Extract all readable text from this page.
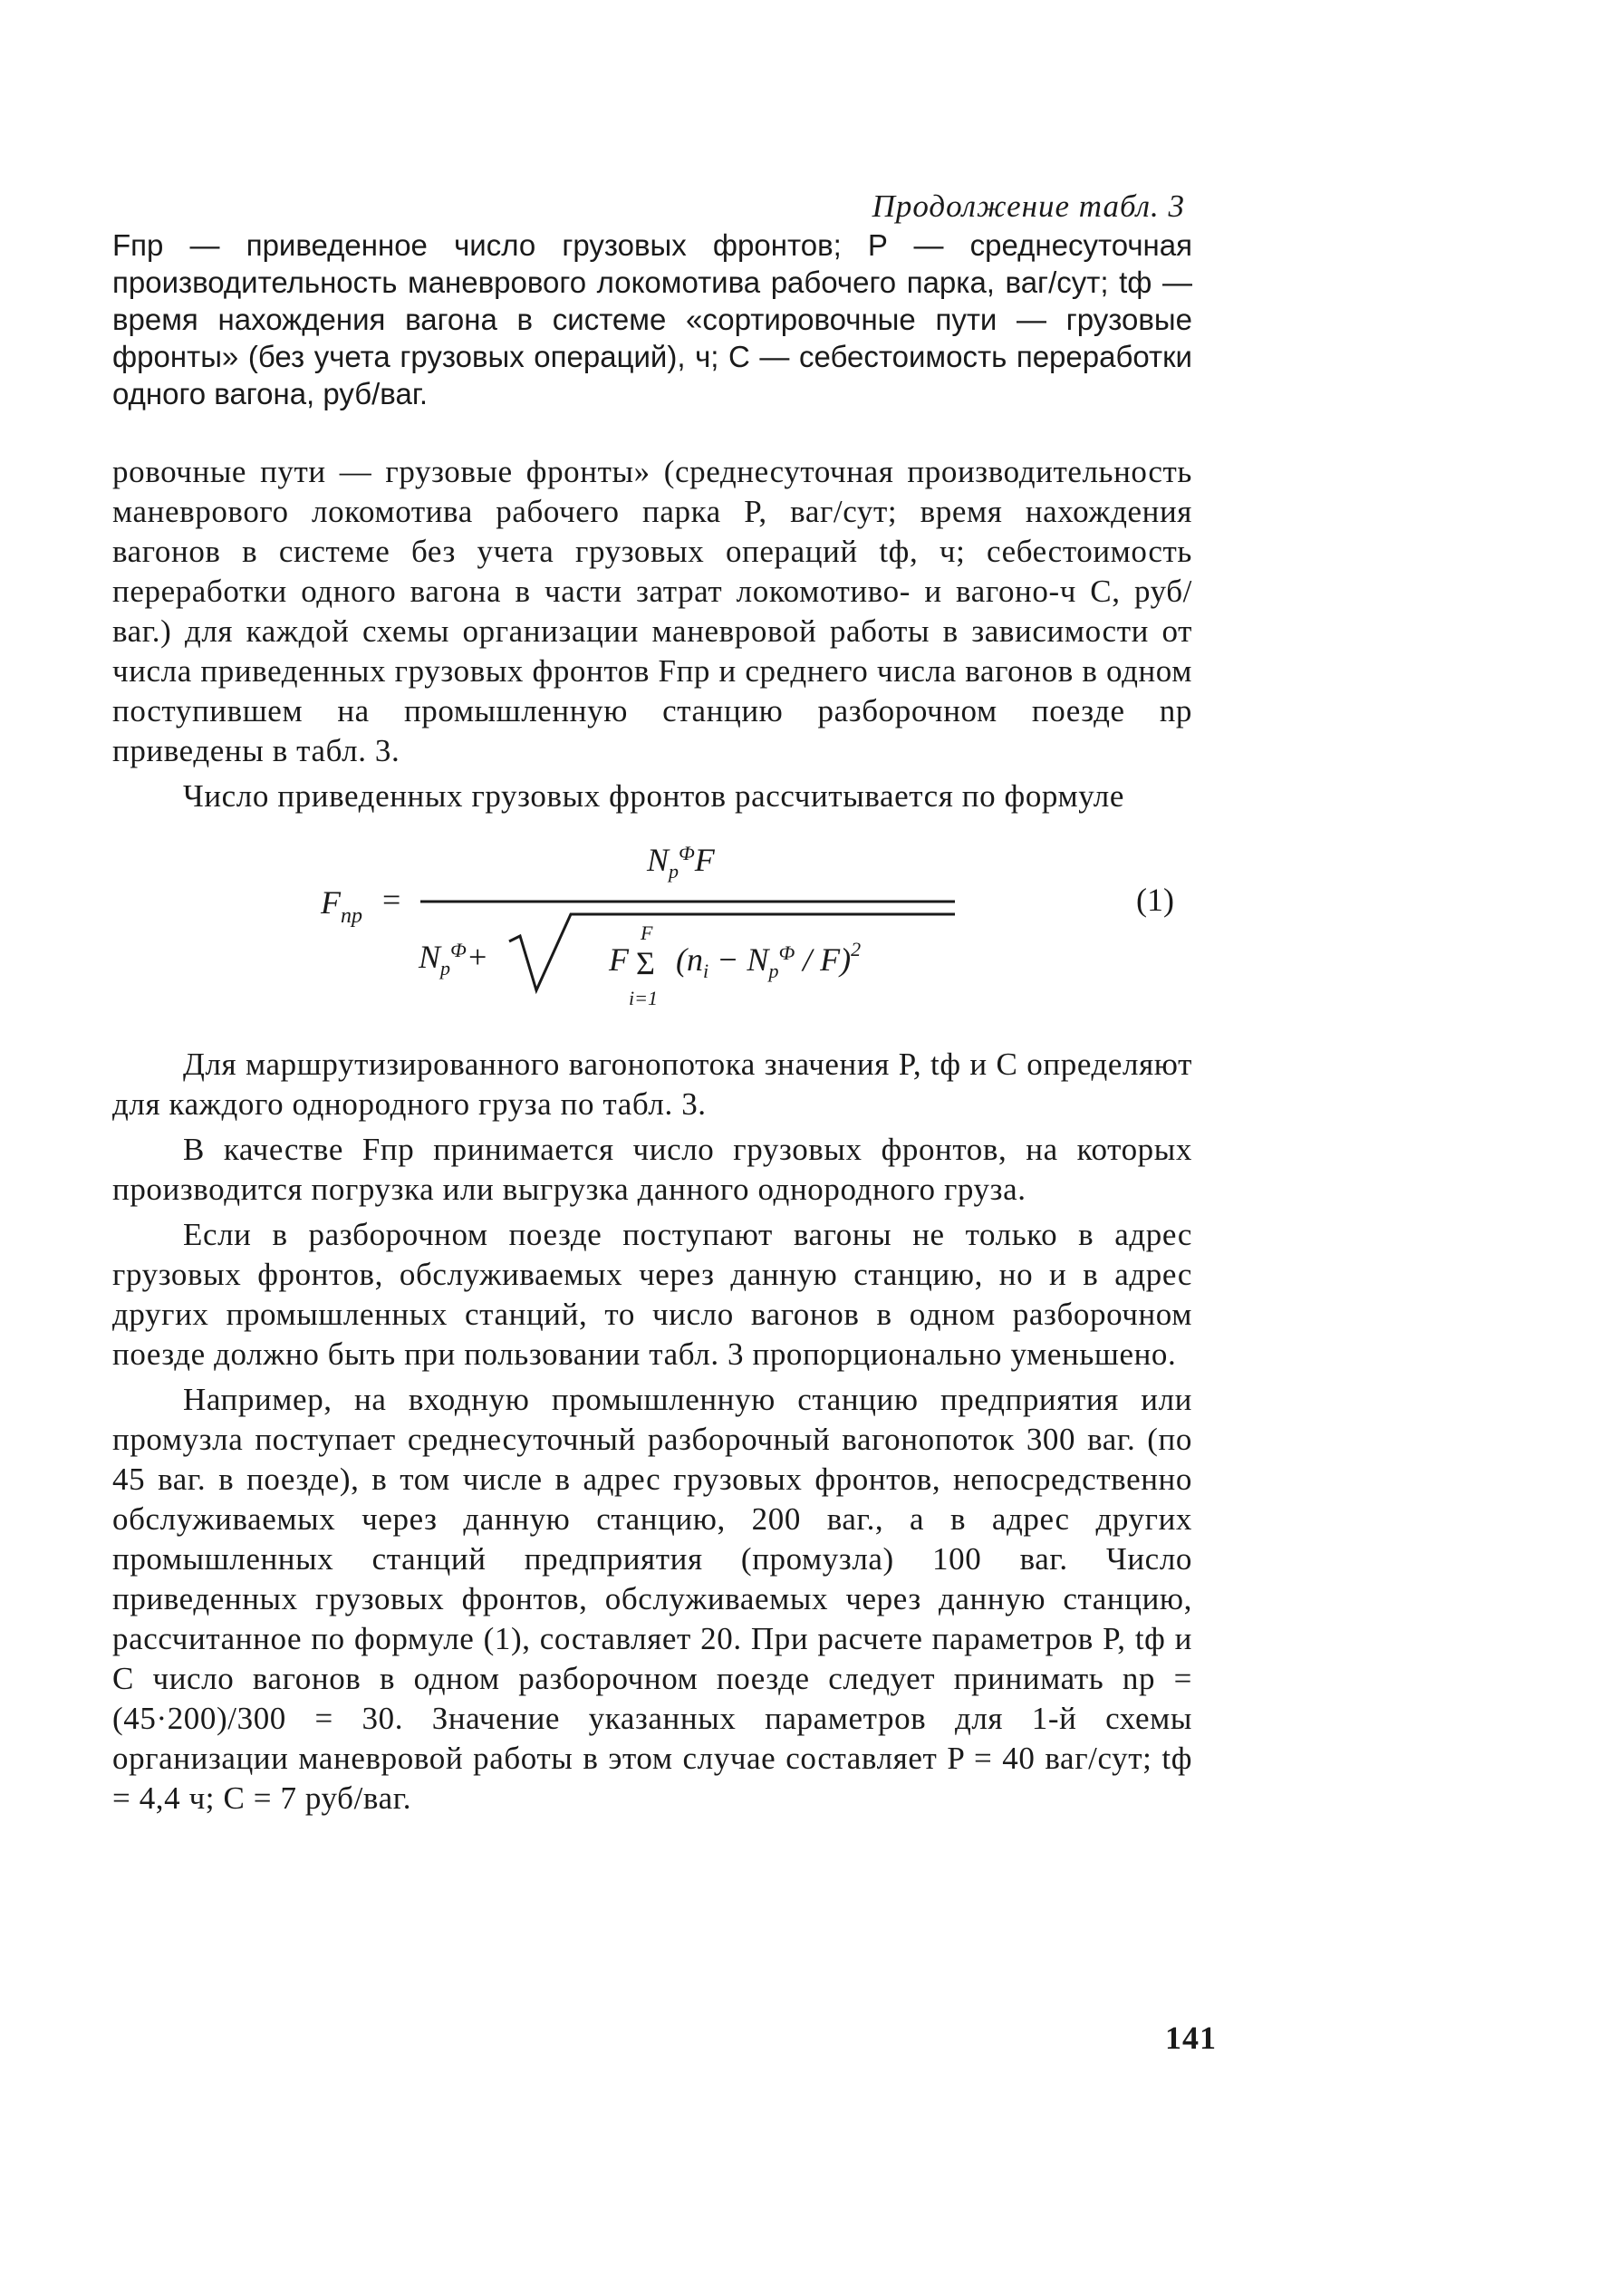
Продолжение табл. 3

Fпр — приведенное число грузовых фронтов; P — среднесуточная производительность маневрового локомотива рабочего парка, ваг/сут; tф — время нахождения вагона в системе «сортировочные пути — грузовые фронты» (без учета грузовых операций), ч; C — себестоимость переработки одного вагона, руб/ваг.

ровочные пути — грузовые фронты» (среднесуточная производительность маневрового локомотива рабочего парка P, ваг/сут; время нахождения вагонов в системе без учета грузовых операций tф, ч; себестоимость переработки одного вагона в части затрат локомотиво- и вагоно-ч C, руб/ваг.) для каждой схемы организации маневровой работы в зависимости от числа приведенных грузовых фронтов Fпр и среднего числа вагонов в одном поступившем на промышленную станцию разборочном поезде nр приведены в табл. 3.

Число приведенных грузовых фронтов рассчитывается по формуле

$F_{пр}$ =
$N_р^ФF$
$N_р^Ф+$	F
F
Σ
i=1
$(n_i - N_р^Ф / F)^2$
(1)

Для маршрутизированного вагонопотока значения P, tф и C определяют для каждого однородного груза по табл. 3.

В качестве Fпр принимается число грузовых фронтов, на которых производится погрузка или выгрузка данного однородного груза.

Если в разборочном поезде поступают вагоны не только в адрес грузовых фронтов, обслуживаемых через данную станцию, но и в адрес других промышленных станций, то число вагонов в одном разборочном поезде должно быть при пользовании табл. 3 пропорционально уменьшено.

Например, на входную промышленную станцию предприятия или промузла поступает среднесуточный разборочный вагонопоток 300 ваг. (по 45 ваг. в поезде), в том числе в адрес грузовых фронтов, непосредственно обслуживаемых через данную станцию, 200 ваг., а в адрес других промышленных станций предприятия (промузла) 100 ваг. Число приведенных грузовых фронтов, обслуживаемых через данную станцию, рассчитанное по формуле (1), составляет 20. При расчете параметров P, tф и C число вагонов в одном разборочном поезде следует принимать nр = (45·200)/300 = 30. Значение указанных параметров для 1-й схемы организации маневровой работы в этом случае составляет P = 40 ваг/сут; tф = 4,4 ч; C = 7 руб/ваг.

141
